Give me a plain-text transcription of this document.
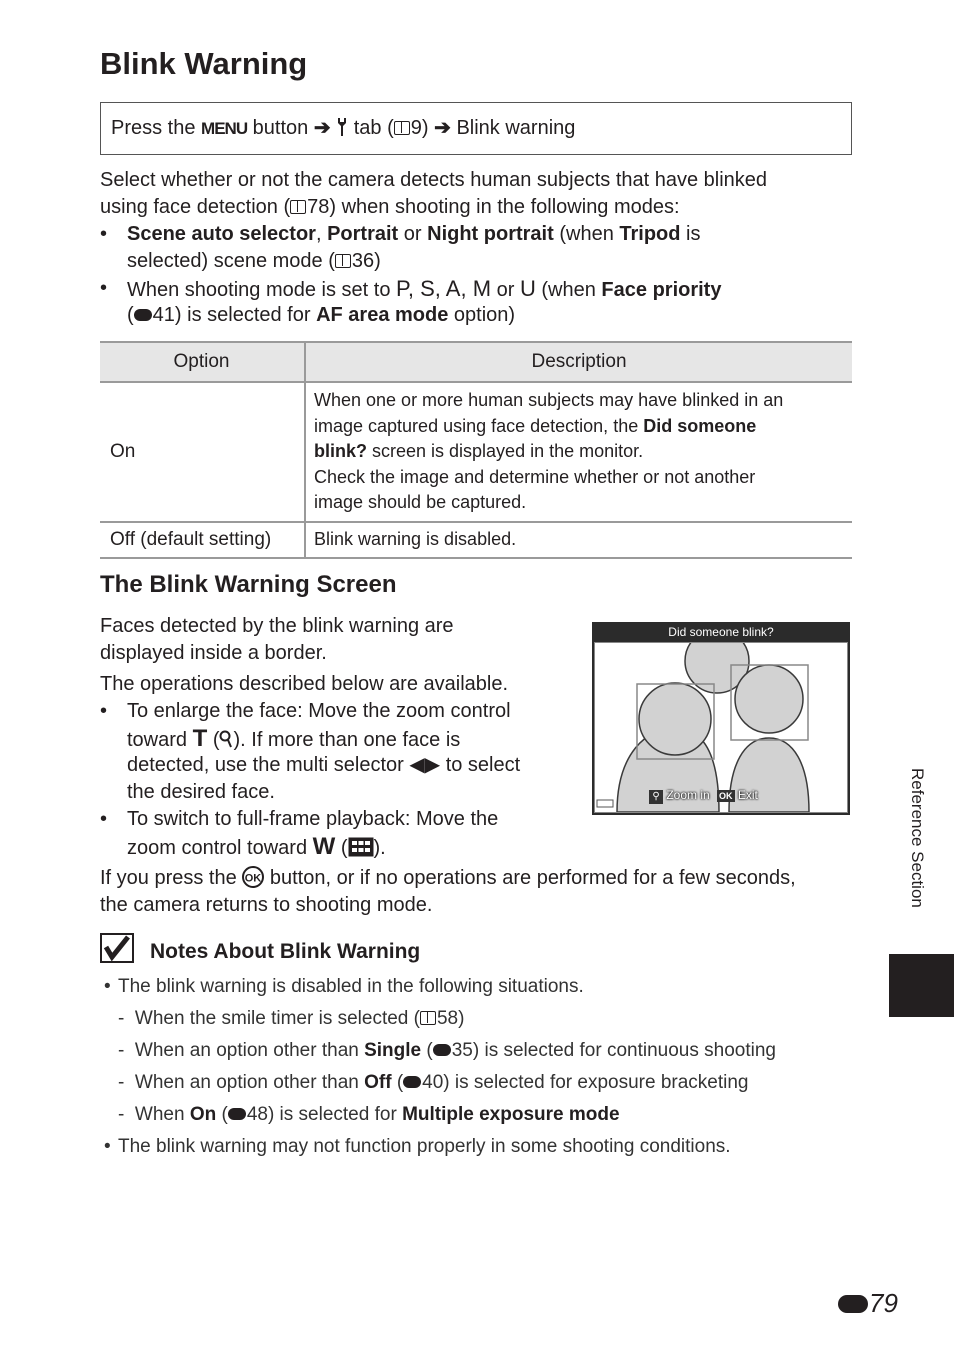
Blink Warning
Press the MENU button ➔ tab ( 9) ➔ Blink warning

Select whether or not the camera detects human subjects that have blinked

using face detection ( 78) when shooting in the following modes:

• Scene auto selector, Portrait or Night portrait (when Tripod is

selected) scene mode ( 36)

• When shooting mode is set to P, S, A, M or U (when Face priority

( 41) is selected for AF area mode option)

Option	Description
On	When one or more human subjects may have blinked in an
image captured using face detection, the Did someone
blink? screen is displayed in the monitor.
Check the image and determine whether or not another
image should be captured.

Off (default setting)	Blink warning is disabled.
The Blink Warning Screen

Faces detected by the blink warning are

displayed inside a border.

The operations described below are available.

• To enlarge the face: Move the zoom control

toward T ( ). If more than one face is

detected, use the multi selector ◀▶ to select

the desired face.

• To switch to full-frame playback: Move the

zoom control toward W ( ).

If you press the OK button, or if no operations are performed for a few seconds,

the camera returns to shooting mode.

Did someone blink?
⚲ Zoom in OK Exit
Notes About Blink Warning
• The blink warning is disabled in the following situations.
-  When the smile timer is selected ( 58)
-  When an option other than Single ( 35) is selected for continuous shooting
-  When an option other than Off ( 40) is selected for exposure bracketing
-  When On ( 48) is selected for Multiple exposure mode
• The blink warning may not function properly in some shooting conditions.
Reference Section
79
